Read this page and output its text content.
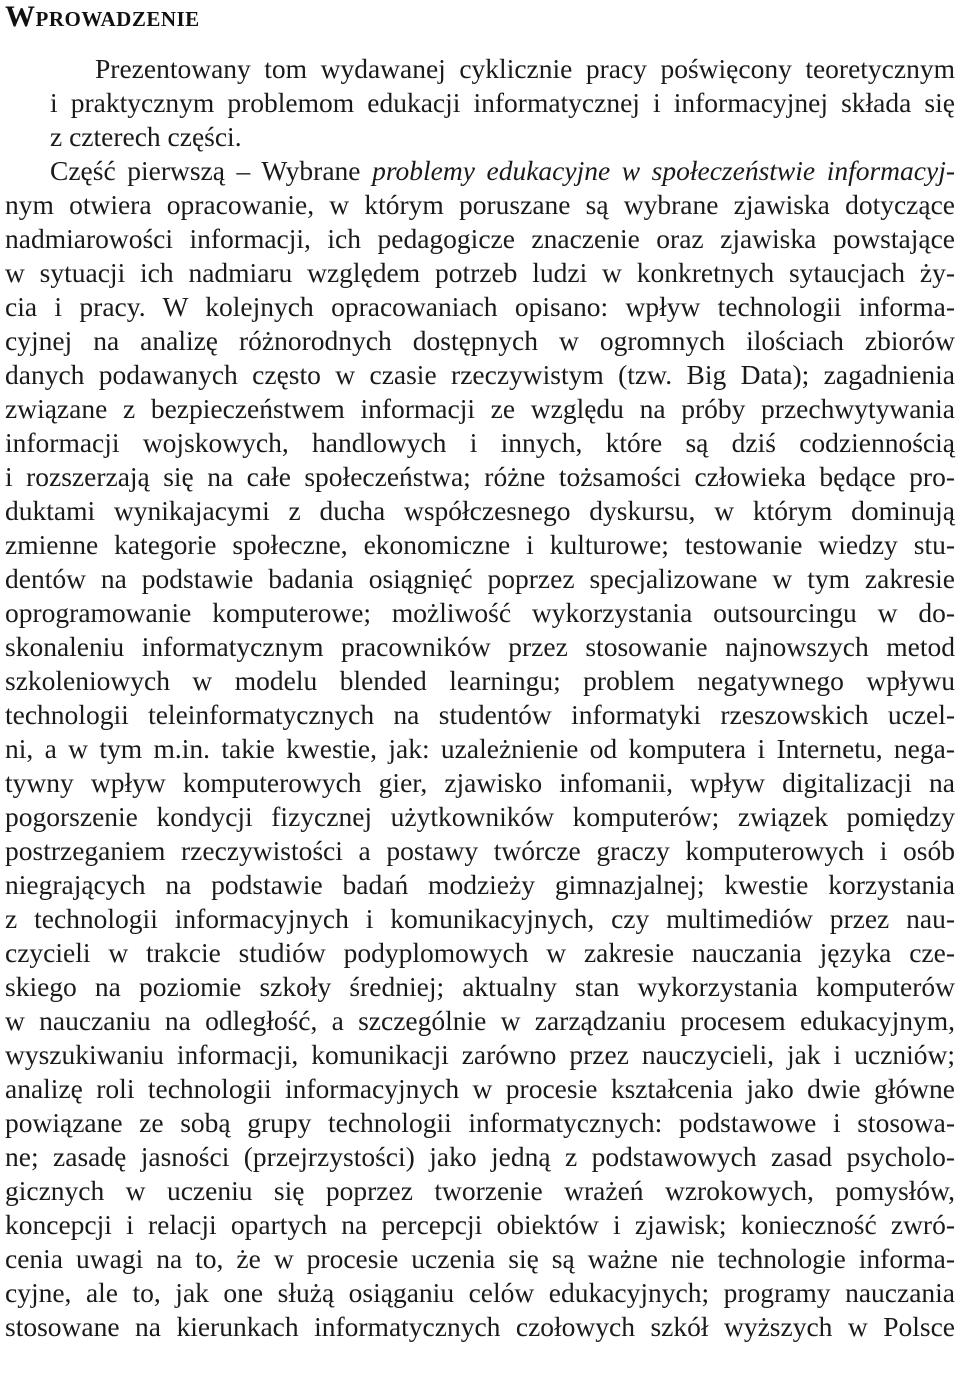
Wprowadzenie
Prezentowany tom wydawanej cyklicznie pracy poświęcony teoretycznym
i praktycznym problemom edukacji informatycznej i informacyjnej składa się
z czterech części.
Część pierwszą – Wybrane problemy edukacyjne w społeczeństwie informacyj-
nym otwiera opracowanie, w którym poruszane są wybrane zjawiska dotyczące
nadmiarowości informacji, ich pedagogicze znaczenie oraz zjawiska powstające
w sytuacji ich nadmiaru względem potrzeb ludzi w konkretnych sytaucjach ży-
cia i pracy. W kolejnych opracowaniach opisano: wpływ technologii informa-
cyjnej na analizę różnorodnych dostępnych w ogromnych ilościach zbiorów
danych podawanych często w czasie rzeczywistym (tzw. Big Data); zagadnienia
związane z bezpieczeństwem informacji ze względu na próby przechwytywania
informacji wojskowych, handlowych i innych, które są dziś codziennością
i rozszerzają się na całe społeczeństwa; różne tożsamości człowieka będące pro-
duktami wynikajacymi z ducha współczesnego dyskursu, w którym dominują
zmienne kategorie społeczne, ekonomiczne i kulturowe; testowanie wiedzy stu-
dentów na podstawie badania osiągnięć poprzez specjalizowane w tym zakresie
oprogramowanie komputerowe; możliwość wykorzystania outsourcingu w do-
skonaleniu informatycznym pracowników przez stosowanie najnowszych metod
szkoleniowych w modelu blended learningu; problem negatywnego wpływu
technologii teleinformatycznych na studentów informatyki rzeszowskich uczel-
ni, a w tym m.in. takie kwestie, jak: uzależnienie od komputera i Internetu, nega-
tywny wpływ komputerowych gier, zjawisko infomanii, wpływ digitalizacji na
pogorszenie kondycji fizycznej użytkowników komputerów; związek pomiędzy
postrzeganiem rzeczywistości a postawy twórcze graczy komputerowych i osób
niegrających na podstawie badań modzieży gimnazjalnej; kwestie korzystania
z technologii informacyjnych i komunikacyjnych, czy multimediów przez nau-
czycieli w trakcie studiów podyplomowych w zakresie nauczania języka cze-
skiego na poziomie szkoły średniej; aktualny stan wykorzystania komputerów
w nauczaniu na odległość, a szczególnie w zarządzaniu procesem edukacyjnym,
wyszukiwaniu informacji, komunikacji zarówno przez nauczycieli, jak i uczniów;
analizę roli technologii informacyjnych w procesie kształcenia jako dwie główne
powiązane ze sobą grupy technologii informatycznych: podstawowe i stosowa-
ne; zasadę jasności (przejrzystości) jako jedną z podstawowych zasad psycholo-
gicznych w uczeniu się poprzez tworzenie wrażeń wzrokowych, pomysłów,
koncepcji i relacji opartych na percepcji obiektów i zjawisk; konieczność zwró-
cenia uwagi na to, że w procesie uczenia się są ważne nie technologie informa-
cyjne, ale to, jak one służą osiąganiu celów edukacyjnych; programy nauczania
stosowane na kierunkach informatycznych czołowych szkół wyższych w Polsce
